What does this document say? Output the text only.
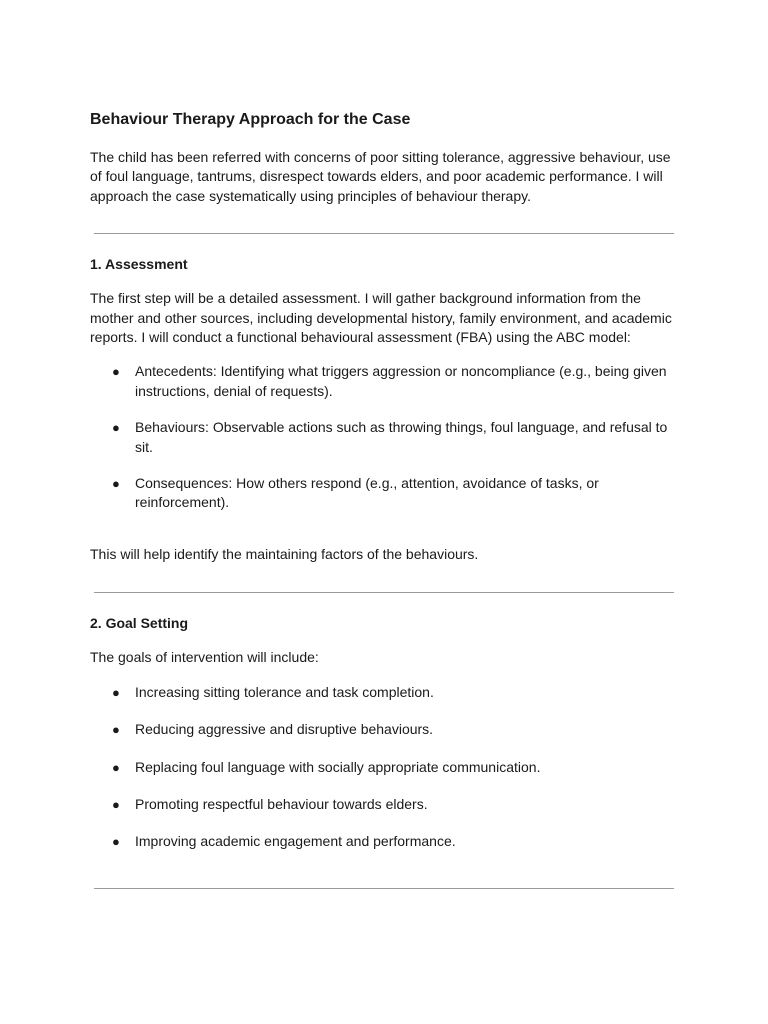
Behaviour Therapy Approach for the Case

The child has been referred with concerns of poor sitting tolerance, aggressive behaviour, use of foul language, tantrums, disrespect towards elders, and poor academic performance. I will approach the case systematically using principles of behaviour therapy.

1. Assessment

The first step will be a detailed assessment. I will gather background information from the mother and other sources, including developmental history, family environment, and academic reports. I will conduct a functional behavioural assessment (FBA) using the ABC model:

● Antecedents: Identifying what triggers aggression or noncompliance (e.g., being given instructions, denial of requests).
● Behaviours: Observable actions such as throwing things, foul language, and refusal to sit.
● Consequences: How others respond (e.g., attention, avoidance of tasks, or reinforcement).

This will help identify the maintaining factors of the behaviours.

2. Goal Setting

The goals of intervention will include:

● Increasing sitting tolerance and task completion.
● Reducing aggressive and disruptive behaviours.
● Replacing foul language with socially appropriate communication.
● Promoting respectful behaviour towards elders.
● Improving academic engagement and performance.
